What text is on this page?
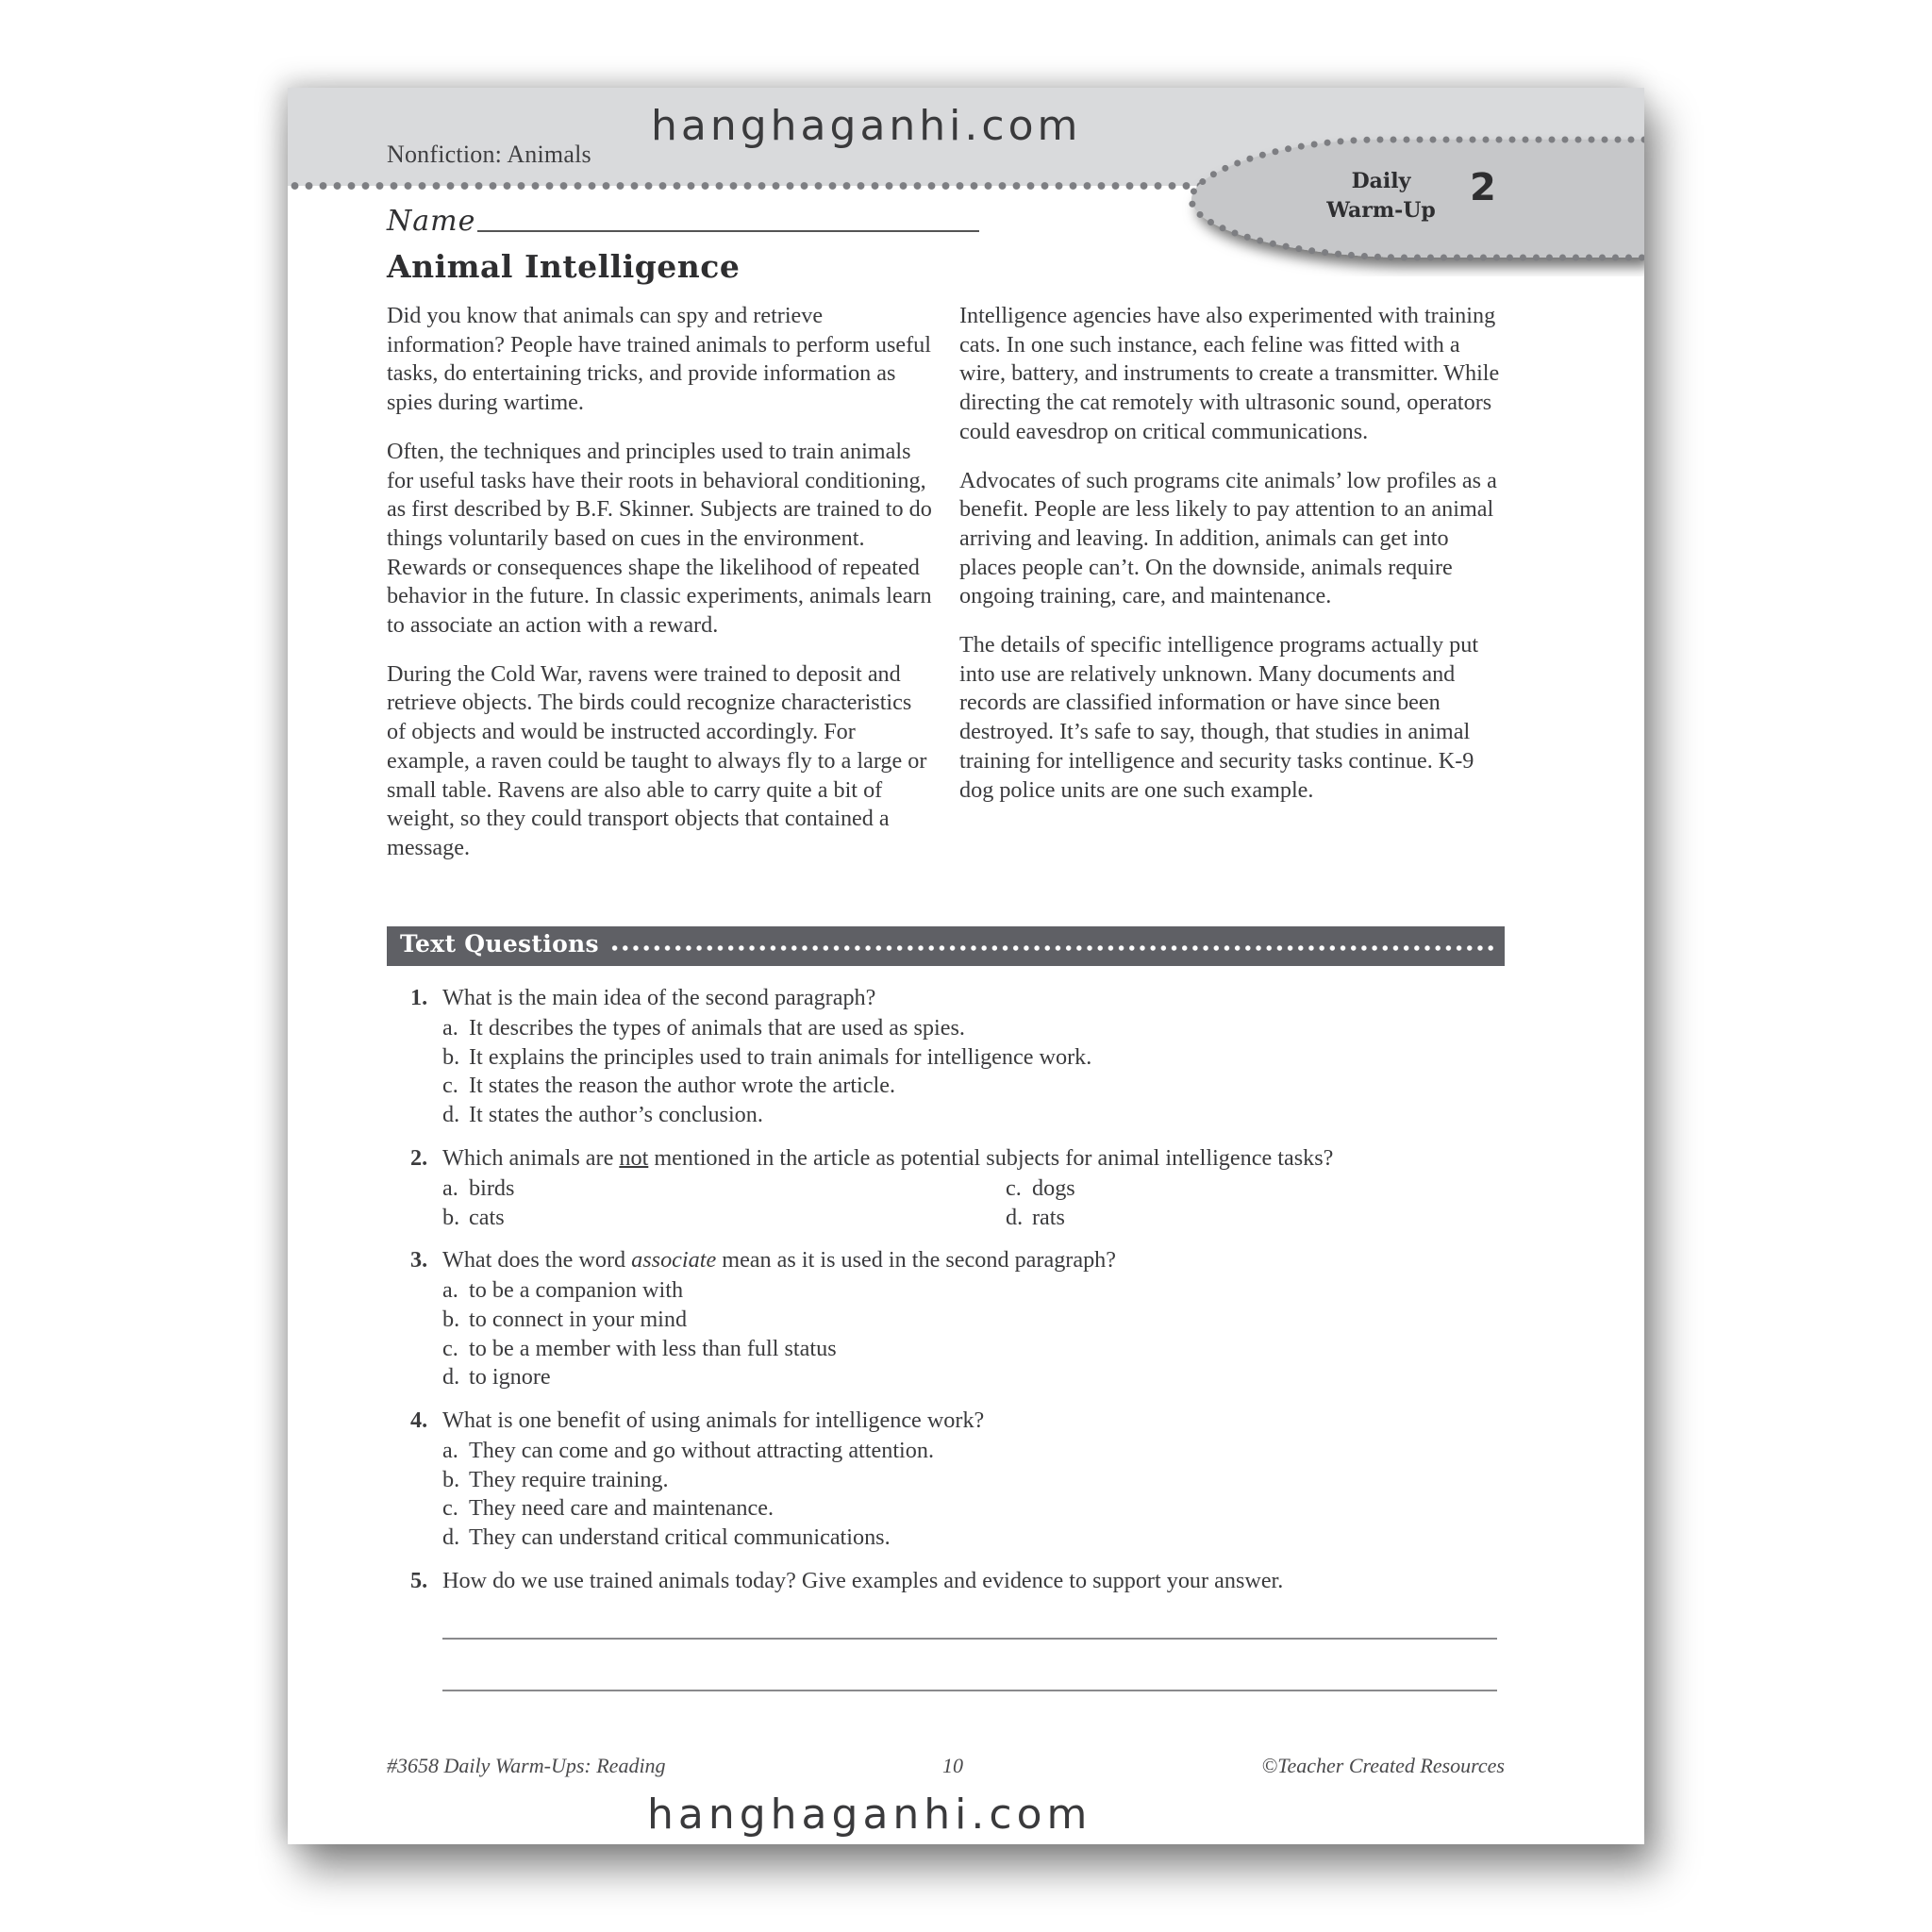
Nonfiction: Animals
Daily
Warm-Up
2
Name
Animal Intelligence

Did you know that animals can spy and retrieve information? People have trained animals to perform useful tasks, do entertaining tricks, and provide information as spies during wartime.

Often, the techniques and principles used to train animals for useful tasks have their roots in behavioral conditioning, as first described by B.F. Skinner. Subjects are trained to do things voluntarily based on cues in the environment. Rewards or consequences shape the likelihood of repeated behavior in the future. In classic experiments, animals learn to associate an action with a reward.

During the Cold War, ravens were trained to deposit and retrieve objects. The birds could recognize characteristics of objects and would be instructed accordingly. For example, a raven could be taught to always fly to a large or small table. Ravens are also able to carry quite a bit of weight, so they could transport objects that contained a message.

Intelligence agencies have also experimented with training cats. In one such instance, each feline was fitted with a wire, battery, and instruments to create a transmitter. While directing the cat remotely with ultrasonic sound, operators could eavesdrop on critical communications.

Advocates of such programs cite animals’ low profiles as a benefit. People are less likely to pay attention to an animal arriving and leaving. In addition, animals can get into places people can’t. On the downside, animals require ongoing training, care, and maintenance.

The details of specific intelligence programs actually put into use are relatively unknown. Many documents and records are classified information or have since been destroyed. It’s safe to say, though, that studies in animal training for intelligence and security tasks continue. K-9 dog police units are one such example.

Text Questions
1. What is the main idea of the second paragraph?
a. It describes the types of animals that are used as spies.
b. It explains the principles used to train animals for intelligence work.
c. It states the reason the author wrote the article.
d. It states the author’s conclusion.
2. Which animals are not mentioned in the article as potential subjects for animal intelligence tasks?
a. birds	c. dogs
b. cats	d. rats
3. What does the word associate mean as it is used in the second paragraph?
a. to be a companion with
b. to connect in your mind
c. to be a member with less than full status
d. to ignore
4. What is one benefit of using animals for intelligence work?
a. They can come and go without attracting attention.
b. They require training.
c. They need care and maintenance.
d. They can understand critical communications.
5. How do we use trained animals today? Give examples and evidence to support your answer.
#3658 Daily Warm-Ups: Reading	10	©Teacher Created Resources
hanghaganhi.com
hanghaganhi.com
